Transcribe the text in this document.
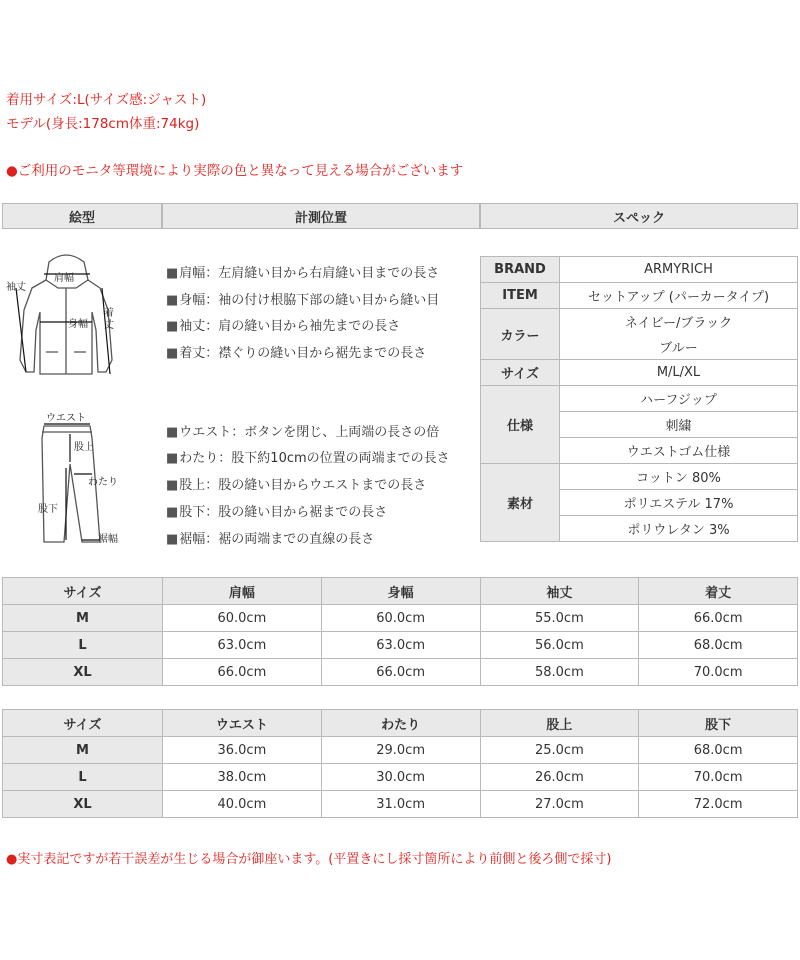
着用サイズ:L(サイズ感:ジャスト)
モデル(身長:178cm体重:74kg)
●ご利用のモニタ等環境により実際の色と異なって見える場合がございます
絵型	計測位置	スペック
肩幅
身幅
袖丈
着
丈
ウエスト
股上
わたり
股下
裾幅
■肩幅：左肩縫い目から右肩縫い目までの長さ
■身幅：袖の付け根脇下部の縫い目から縫い目
■袖丈：肩の縫い目から袖先までの長さ
■着丈：襟ぐりの縫い目から裾先までの長さ
■ウエスト：ボタンを閉じ、上両端の長さの倍
■わたり：股下約10cmの位置の両端までの長さ
■股上：股の縫い目からウエストまでの長さ
■股下：股の縫い目から裾までの長さ
■裾幅：裾の両端までの直線の長さ
BRAND	ARMYRICH
ITEM	セットアップ (パーカータイプ)
カラー	ネイビー/ブラック
	ブルー
サイズ	M/L/XL
仕様	ハーフジップ
	刺繍
	ウエストゴム仕様
素材	コットン 80%
	ポリエステル 17%
	ポリウレタン 3%
サイズ	肩幅	身幅	袖丈	着丈
M	60.0cm	60.0cm	55.0cm	66.0cm
L	63.0cm	63.0cm	56.0cm	68.0cm
XL	66.0cm	66.0cm	58.0cm	70.0cm
サイズ	ウエスト	わたり	股上	股下
M	36.0cm	29.0cm	25.0cm	68.0cm
L	38.0cm	30.0cm	26.0cm	70.0cm
XL	40.0cm	31.0cm	27.0cm	72.0cm
●実寸表記ですが若干誤差が生じる場合が御座います。(平置きにし採寸箇所により前側と後ろ側で採寸)
